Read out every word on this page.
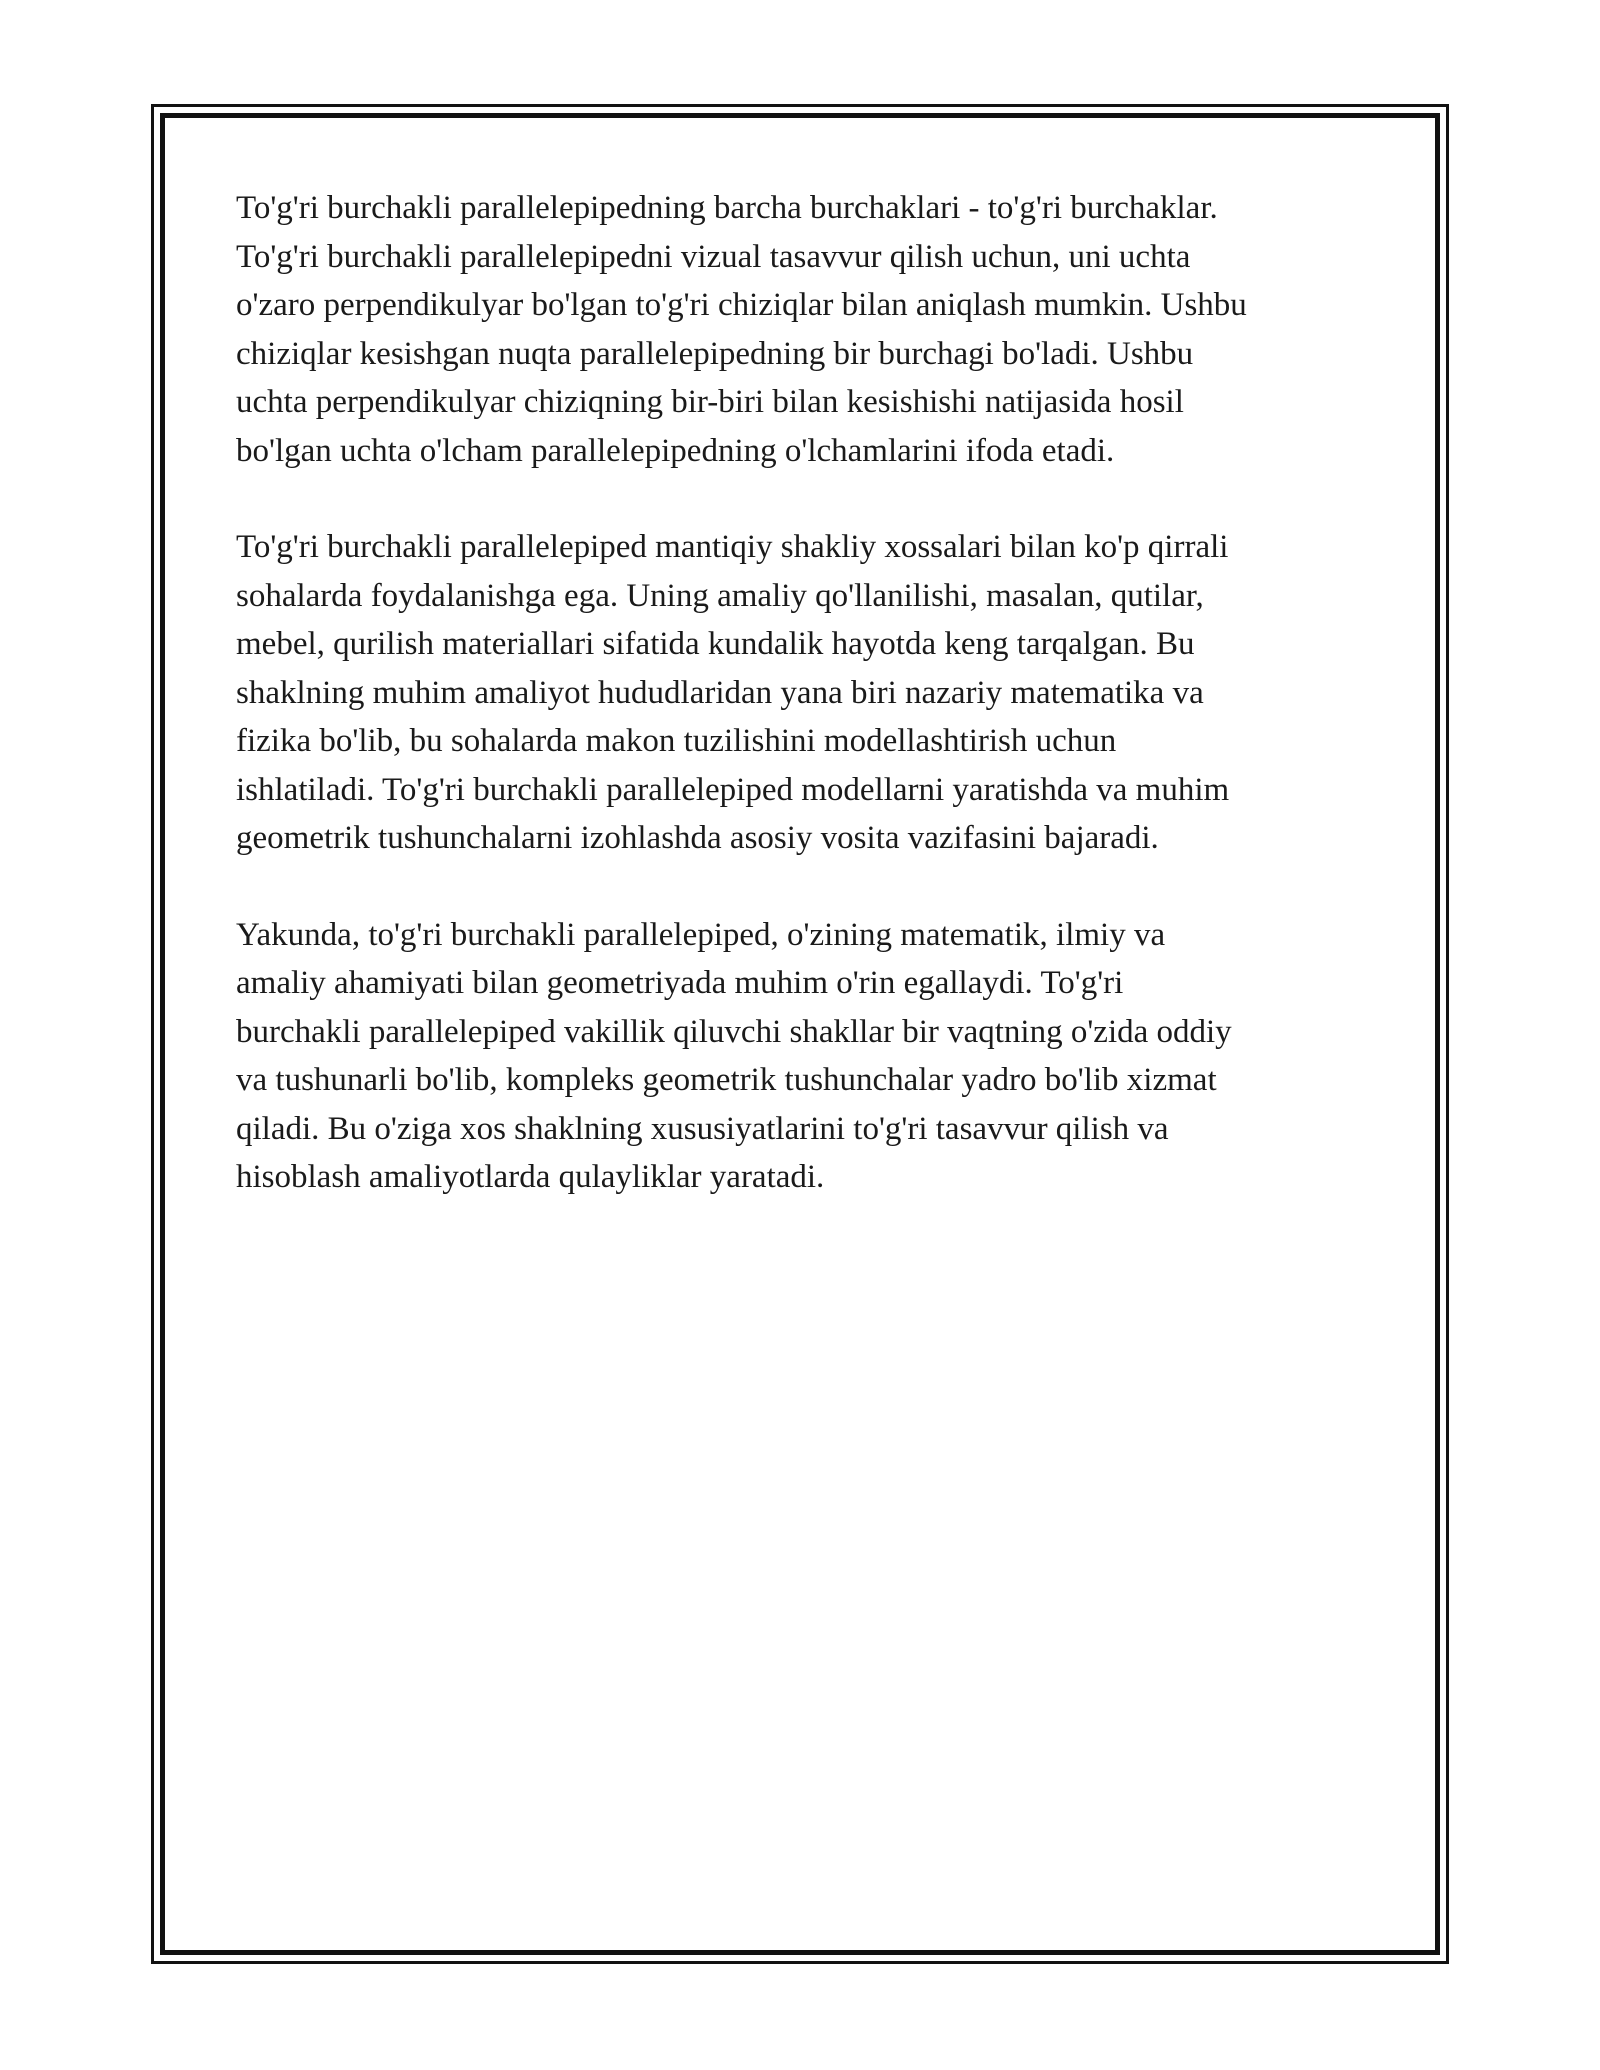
To'g'ri burchakli parallelepipedning barcha burchaklari - to'g'ri burchaklar.
To'g'ri burchakli parallelepipedni vizual tasavvur qilish uchun, uni uchta
o'zaro perpendikulyar bo'lgan to'g'ri chiziqlar bilan aniqlash mumkin. Ushbu
chiziqlar kesishgan nuqta parallelepipedning bir burchagi bo'ladi. Ushbu
uchta perpendikulyar chiziqning bir-biri bilan kesishishi natijasida hosil
bo'lgan uchta o'lcham parallelepipedning o'lchamlarini ifoda etadi.

To'g'ri burchakli parallelepiped mantiqiy shakliy xossalari bilan ko'p qirrali
sohalarda foydalanishga ega. Uning amaliy qo'llanilishi, masalan, qutilar,
mebel, qurilish materiallari sifatida kundalik hayotda keng tarqalgan. Bu
shaklning muhim amaliyot hududlaridan yana biri nazariy matematika va
fizika bo'lib, bu sohalarda makon tuzilishini modellashtirish uchun
ishlatiladi. To'g'ri burchakli parallelepiped modellarni yaratishda va muhim
geometrik tushunchalarni izohlashda asosiy vosita vazifasini bajaradi.

Yakunda, to'g'ri burchakli parallelepiped, o'zining matematik, ilmiy va
amaliy ahamiyati bilan geometriyada muhim o'rin egallaydi. To'g'ri
burchakli parallelepiped vakillik qiluvchi shakllar bir vaqtning o'zida oddiy
va tushunarli bo'lib, kompleks geometrik tushunchalar yadro bo'lib xizmat
qiladi. Bu o'ziga xos shaklning xususiyatlarini to'g'ri tasavvur qilish va
hisoblash amaliyotlarda qulayliklar yaratadi.
